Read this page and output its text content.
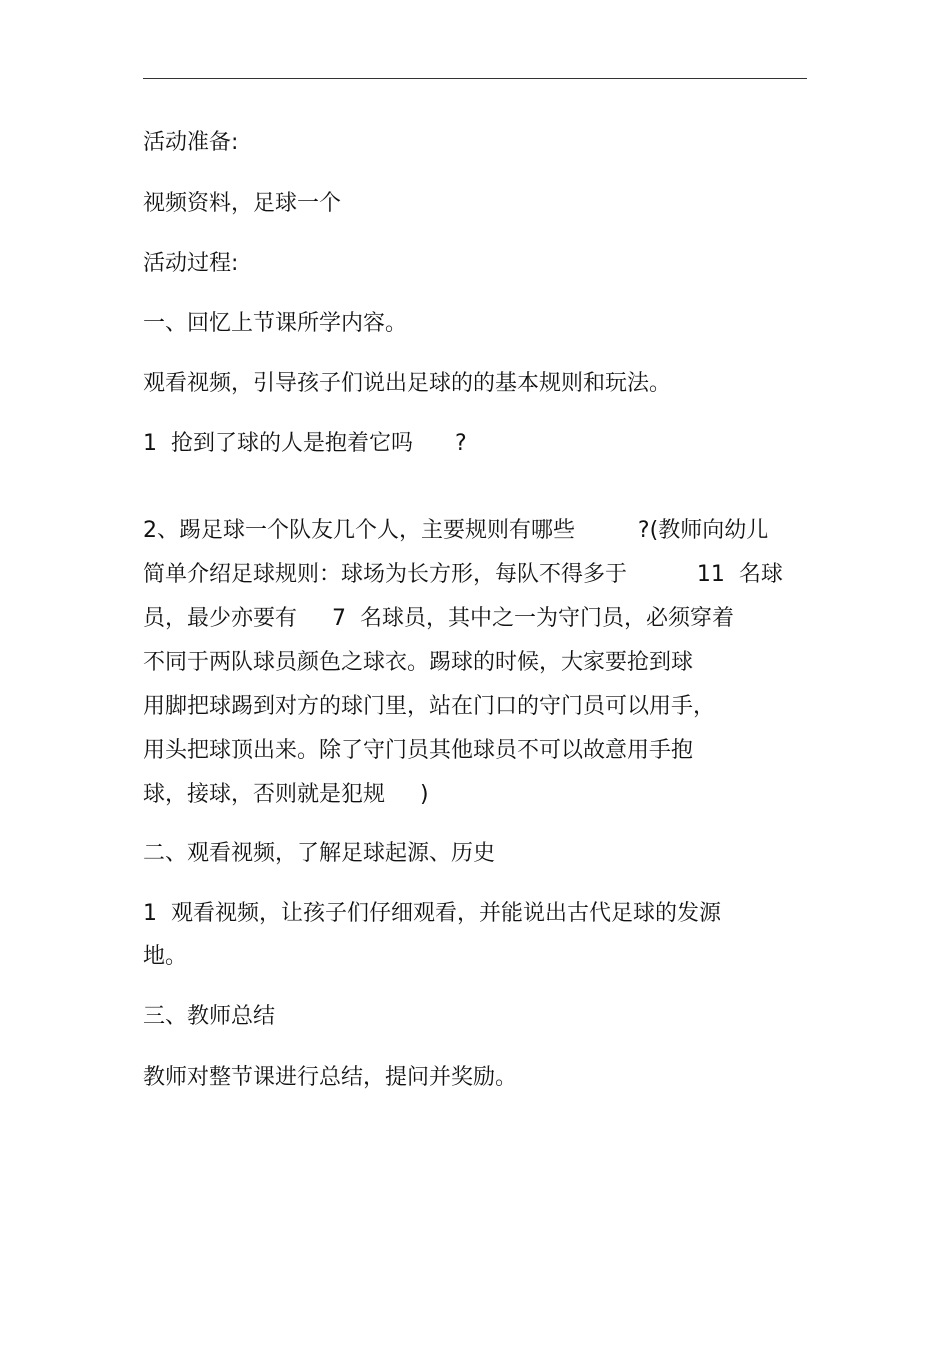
活动准备:

视频资料，足球一个

活动过程:

一、回忆上节课所学内容。

观看视频，引导孩子们说出足球的的基本规则和玩法。

1  抢到了球的人是抱着它吗      ?

2、踢足球一个队友几个人，主要规则有哪些         ?(教师向幼儿

简单介绍足球规则：球场为长方形，每队不得多于          11  名球

员，最少亦要有     7  名球员，其中之一为守门员，必须穿着

不同于两队球员颜色之球衣。踢球的时候，大家要抢到球

用脚把球踢到对方的球门里，站在门口的守门员可以用手，

用头把球顶出来。除了守门员其他球员不可以故意用手抱

球，接球，否则就是犯规     )

二、观看视频，了解足球起源、历史

1  观看视频，让孩子们仔细观看，并能说出古代足球的发源

地。

三、教师总结

教师对整节课进行总结，提问并奖励。
